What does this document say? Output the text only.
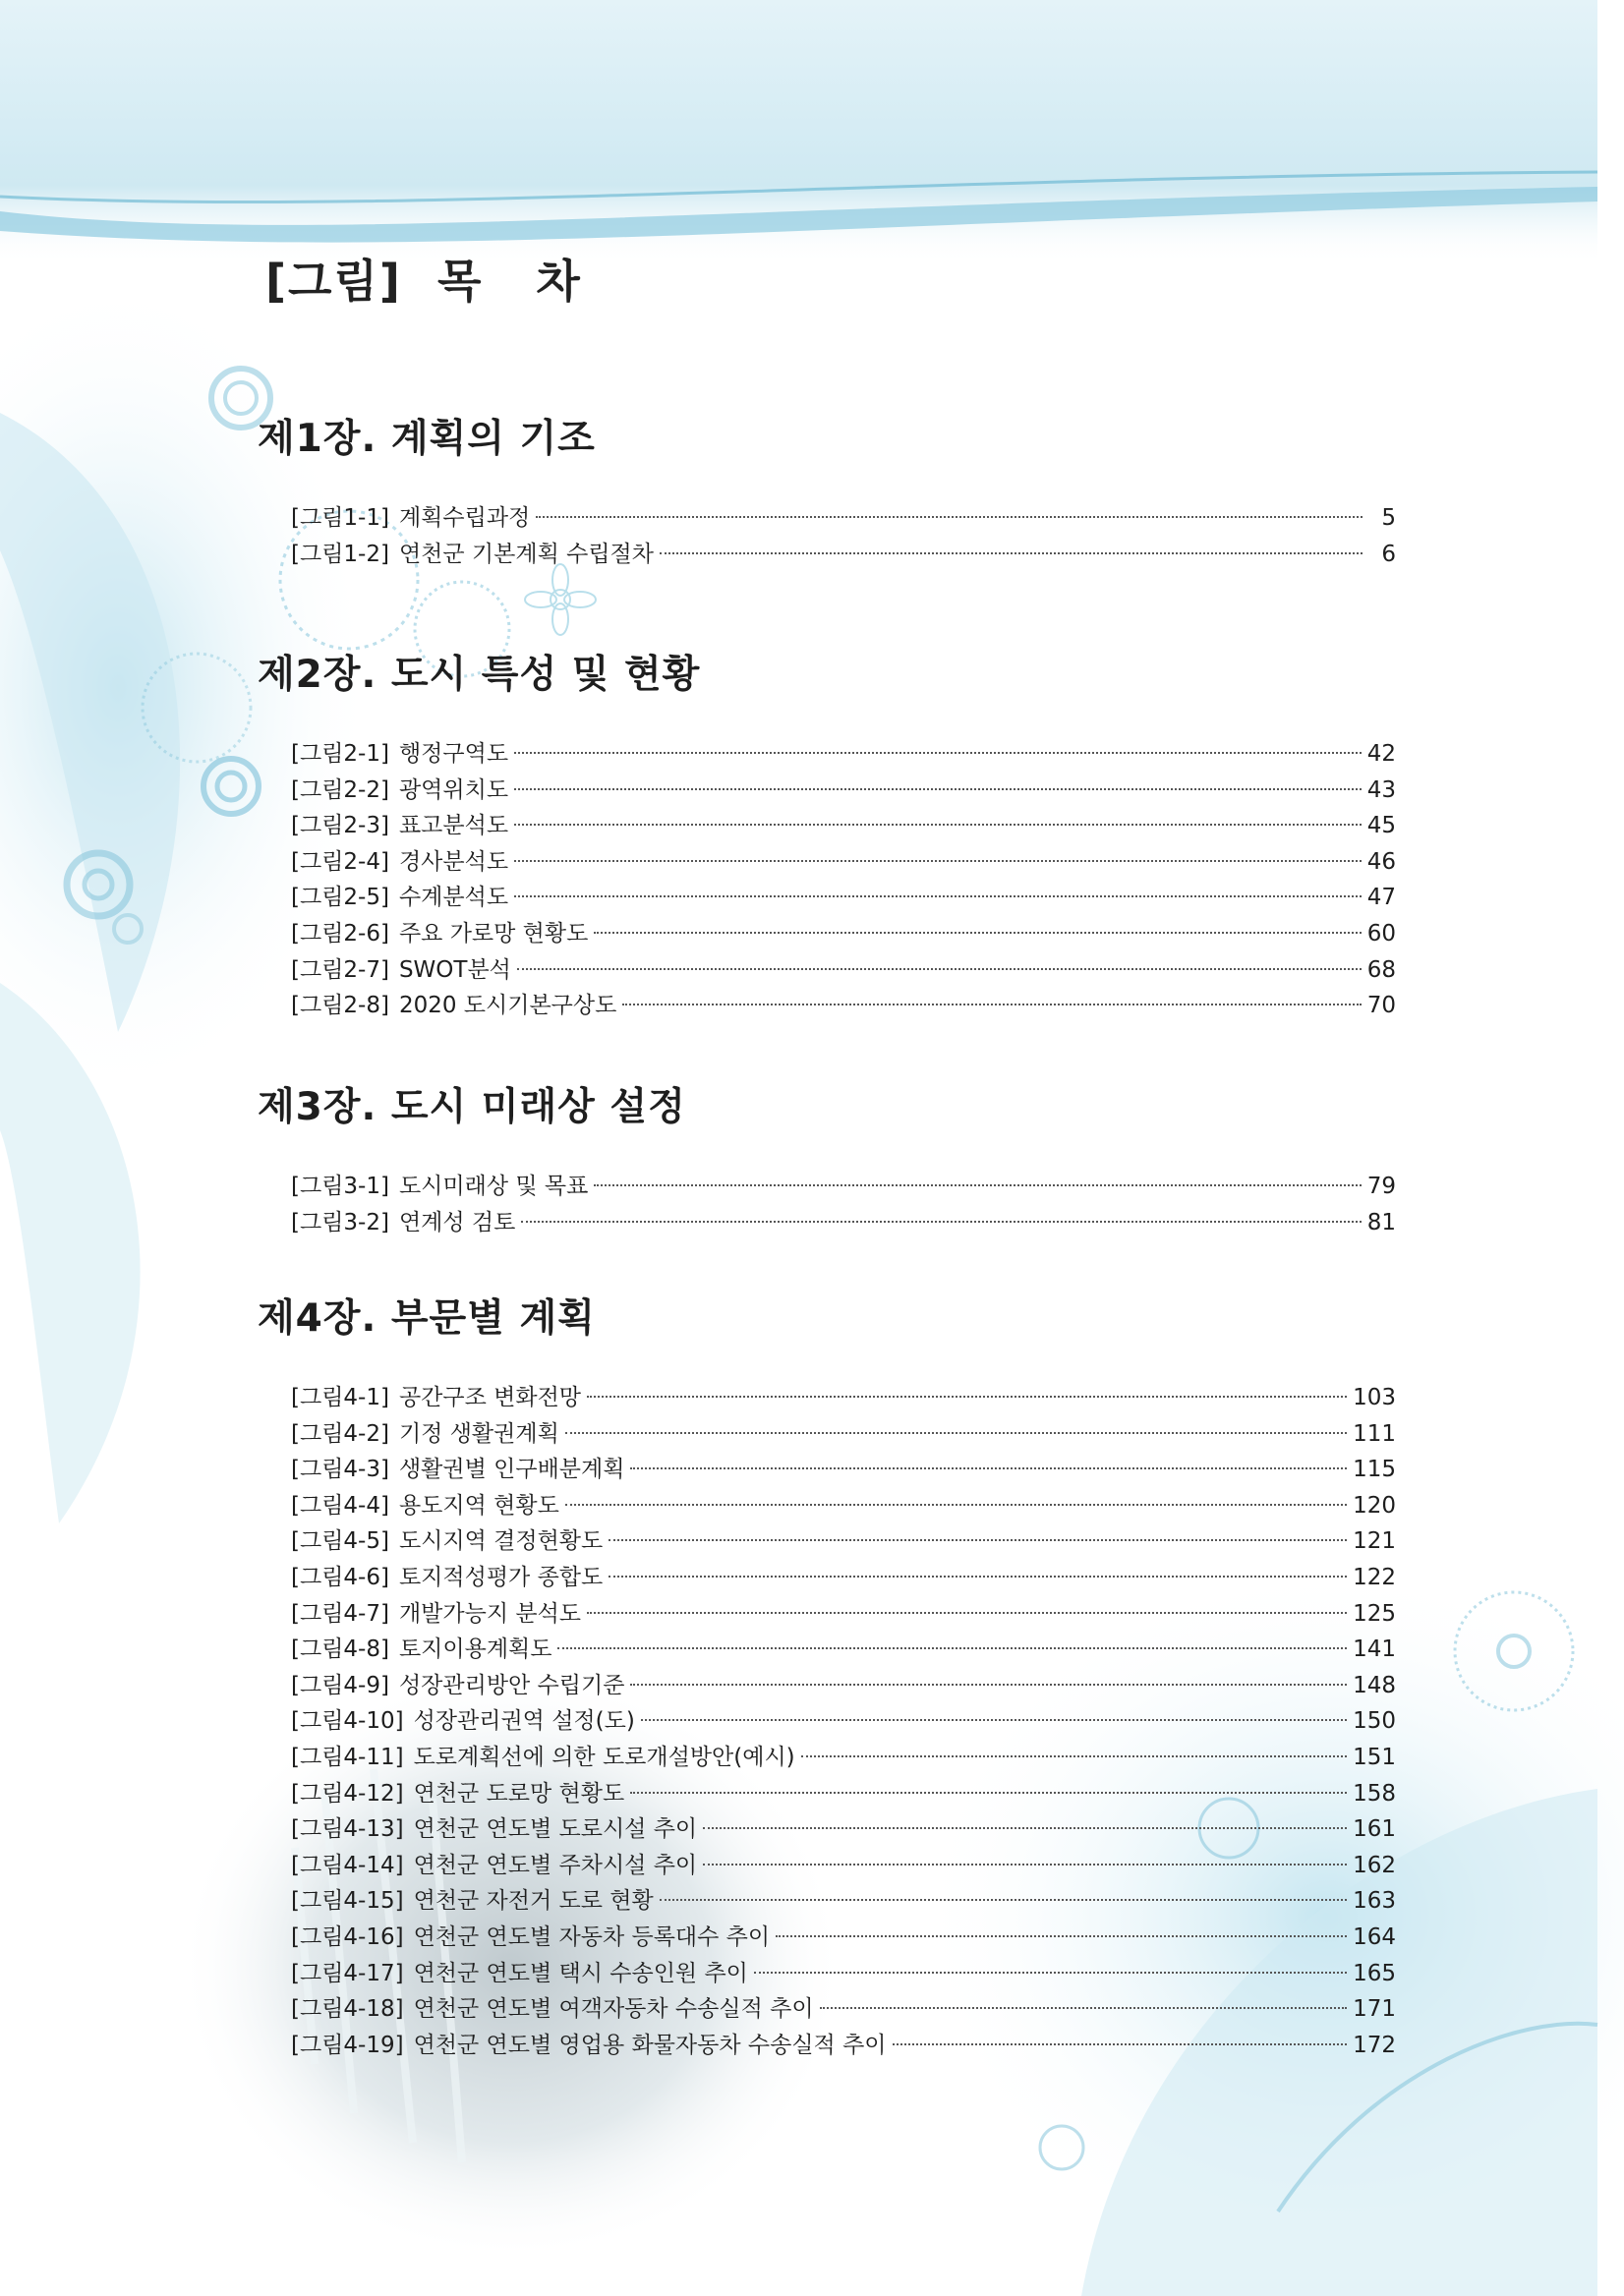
[그림]  목   차
제1장. 계획의 기조
[그림1-1] 계획수립과정	5
[그림1-2] 연천군 기본계획 수립절차	6
제2장. 도시 특성 및 현황
[그림2-1] 행정구역도	42
[그림2-2] 광역위치도	43
[그림2-3] 표고분석도	45
[그림2-4] 경사분석도	46
[그림2-5] 수계분석도	47
[그림2-6] 주요 가로망 현황도	60
[그림2-7] SWOT분석	68
[그림2-8] 2020 도시기본구상도	70
제3장. 도시 미래상 설정
[그림3-1] 도시미래상 및 목표	79
[그림3-2] 연계성 검토	81
제4장. 부문별 계획
[그림4-1] 공간구조 변화전망	103
[그림4-2] 기정 생활권계획	111
[그림4-3] 생활권별 인구배분계획	115
[그림4-4] 용도지역 현황도	120
[그림4-5] 도시지역 결정현황도	121
[그림4-6] 토지적성평가 종합도	122
[그림4-7] 개발가능지 분석도	125
[그림4-8] 토지이용계획도	141
[그림4-9] 성장관리방안 수립기준	148
[그림4-10] 성장관리권역 설정(도)	150
[그림4-11] 도로계획선에 의한 도로개설방안(예시)	151
[그림4-12] 연천군 도로망 현황도	158
[그림4-13] 연천군 연도별 도로시설 추이	161
[그림4-14] 연천군 연도별 주차시설 추이	162
[그림4-15] 연천군 자전거 도로 현황	163
[그림4-16] 연천군 연도별 자동차 등록대수 추이	164
[그림4-17] 연천군 연도별 택시 수송인원 추이	165
[그림4-18] 연천군 연도별 여객자동차 수송실적 추이	171
[그림4-19] 연천군 연도별 영업용 화물자동차 수송실적 추이	172
